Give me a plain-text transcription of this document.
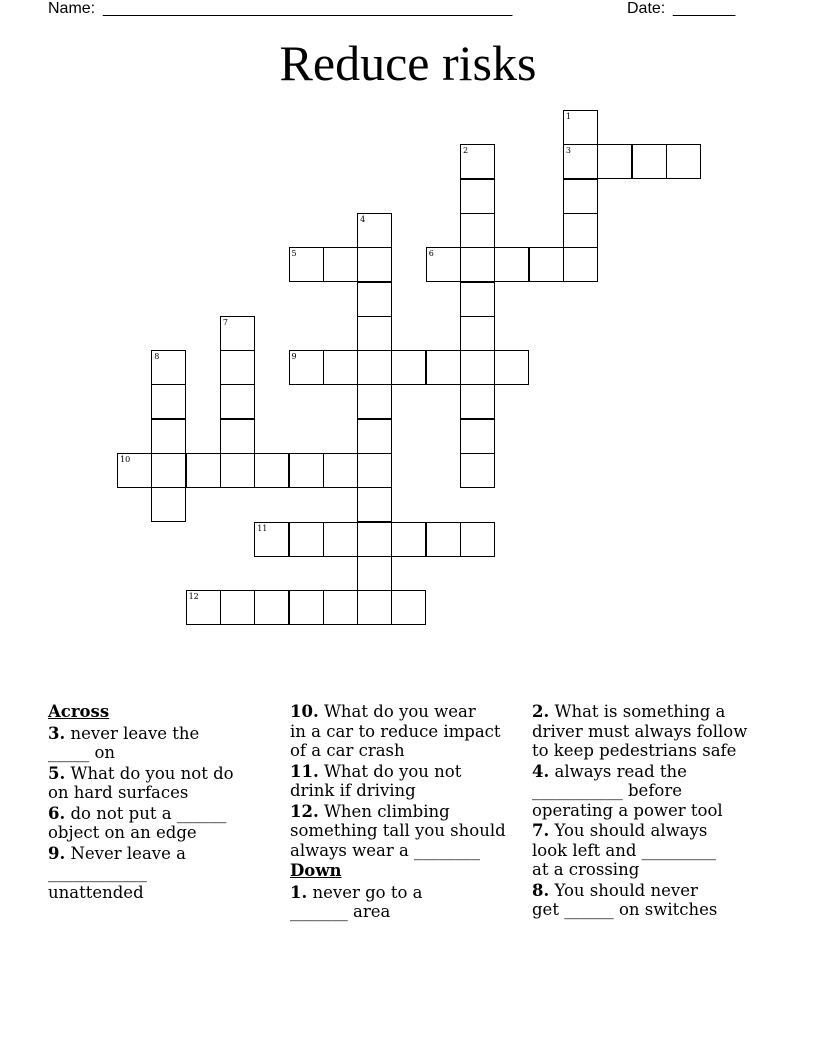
Name: ______________________________________________	Date: _______
Reduce risks
1
2	3
4
5	6
7
8	9
10
11
12
Across
3. never leave the
_____ on
5. What do you not do
on hard surfaces
6. do not put a ______
object on an edge
9. Never leave a
____________
unattended
10. What do you wear
in a car to reduce impact
of a car crash
11. What do you not
drink if driving
12. When climbing
something tall you should
always wear a ________
Down
1. never go to a
_______ area
2. What is something a
driver must always follow
to keep pedestrians safe
4. always read the
___________ before
operating a power tool
7. You should always
look left and _________
at a crossing
8. You should never
get ______ on switches
